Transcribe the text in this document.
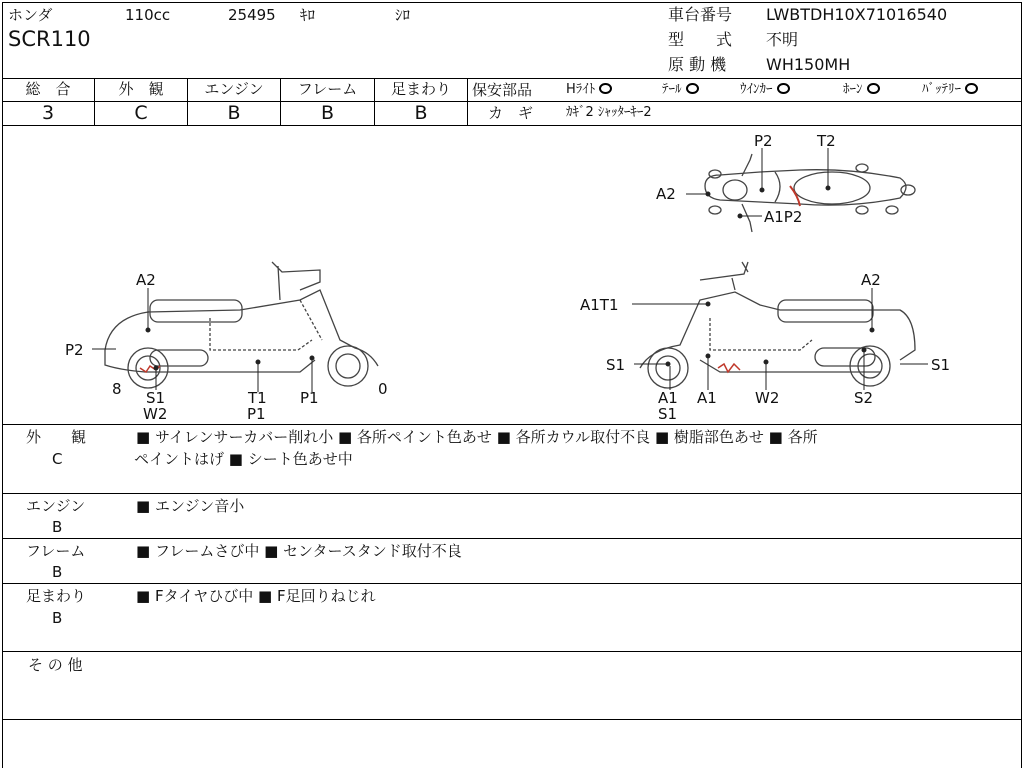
ホンダ	110cc	25495 ｷﾛ	ｼﾛ
SCR110
車台番号 LWBTDH10X71016540
型　　式 不明
原 動 機 WH150MH
総　合	外　観	エンジン	フレーム	足まわり
3	C	B	B	B
保安部品	Hﾗｲﾄ	ﾃｰﾙ	ｳｲﾝｶｰ	ﾎｰﾝ	ﾊﾞｯﾃﾘｰ
カ　ギ	ｶｷﾞ2 ｼｬｯﾀｰｷｰ2
P2	T2
A2
A1P2
A2
P2
8 S1
W2
T1
P1
P1	0
A1T1
A2
S1	S1
A1
S1
A1	W2	S2
外　　観
C
■ サイレンサーカバー削れ小 ■ 各所ペイント色あせ ■ 各所カウル取付不良 ■ 樹脂部色あせ ■ 各所
ペイントはげ ■ シート色あせ中
エンジン
B
■ エンジン音小
フレーム
B
■ フレームさび中 ■ センタースタンド取付不良
足まわり
B
■ Fタイヤひび中 ■ F足回りねじれ
そ の 他
